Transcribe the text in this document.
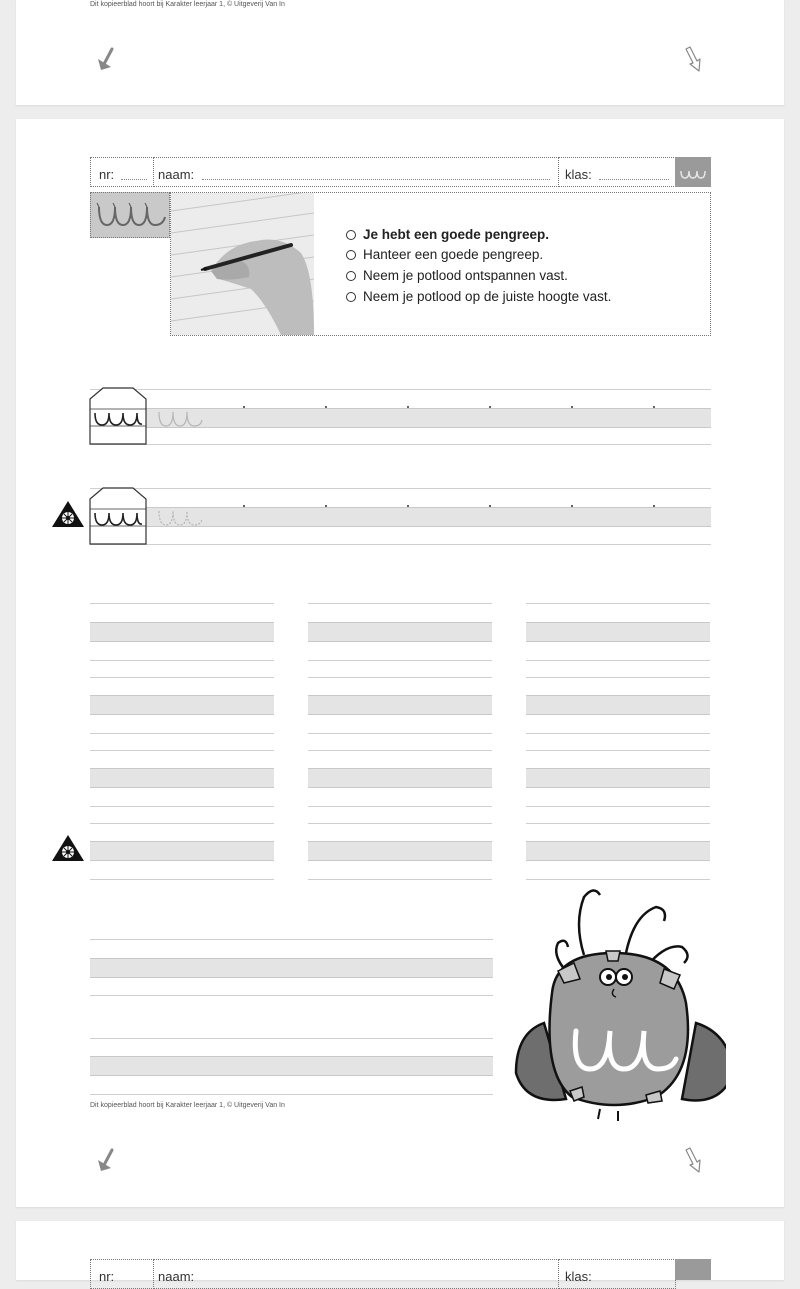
Dit kopieerblad hoort bij Karakter leerjaar 1, © Uitgeverij Van In
nr:	naam:	klas:
Je hebt een goede pengreep.
Hanteer een goede pengreep.
Neem je potlood ontspannen vast.
Neem je potlood op de juiste hoogte vast.
Dit kopieerblad hoort bij Karakter leerjaar 1, © Uitgeverij Van In
nr:	naam:	klas:
